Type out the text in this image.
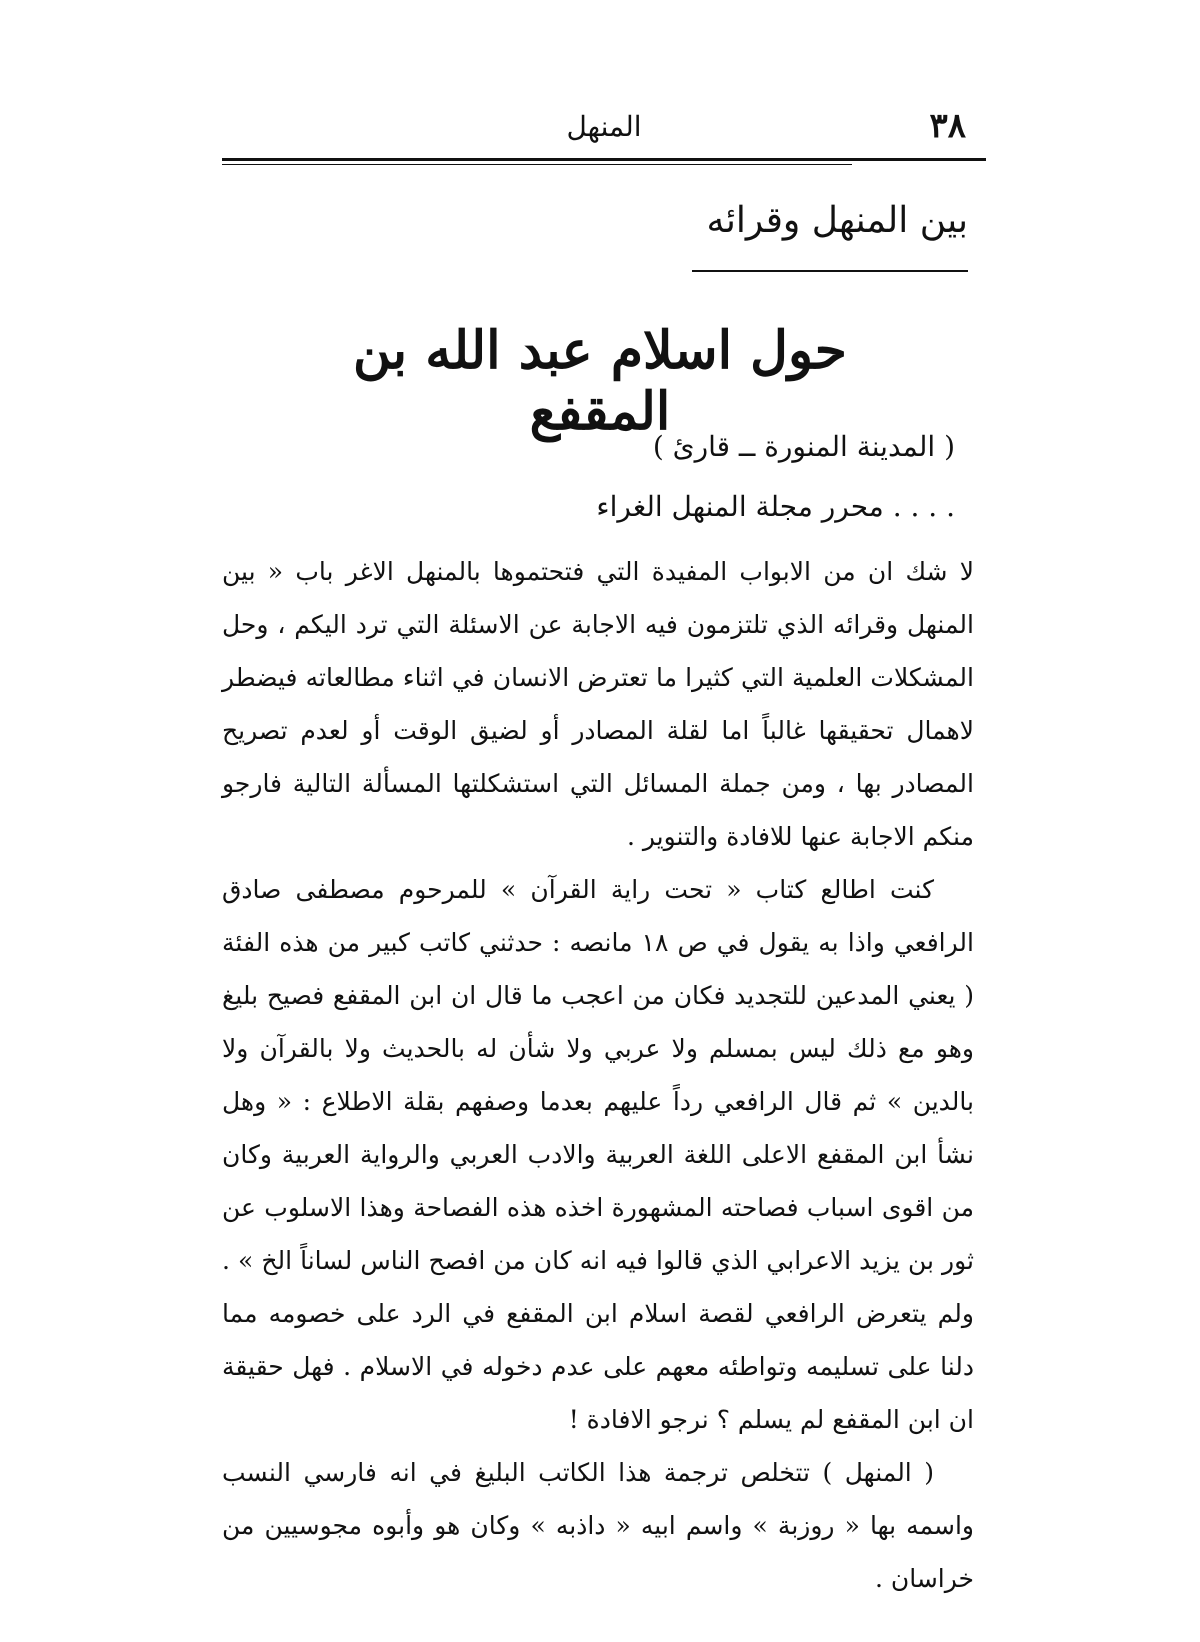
٣٨
المنهل
بين المنهل وقرائه
حول اسلام عبد الله بن المقفع
( المدينة المنورة ــ قارئ )
. . . . محرر مجلة المنهل الغراء

لا شك ان من الابواب المفيدة التي فتحتموها بالمنهل الاغر باب « بين المنهل وقرائه الذي تلتزمون فيه الاجابة عن الاسئلة التي ترد اليكم ، وحل المشكلات العلمية التي كثيرا ما تعترض الانسان في اثناء مطالعاته فيضطر لاهمال تحقيقها غالباً اما لقلة المصادر أو لضيق الوقت أو لعدم تصريح المصادر بها ، ومن جملة المسائل التي استشكلتها المسألة التالية فارجو منكم الاجابة عنها للافادة والتنوير .

كنت اطالع كتاب « تحت راية القرآن » للمرحوم مصطفى صادق الرافعي واذا به يقول في ص ١٨ مانصه : حدثني كاتب كبير من هذه الفئة ( يعني المدعين للتجديد فكان من اعجب ما قال ان ابن المقفع فصيح بليغ وهو مع ذلك ليس بمسلم ولا عربي ولا شأن له بالحديث ولا بالقرآن ولا بالدين » ثم قال الرافعي رداً عليهم بعدما وصفهم بقلة الاطلاع : « وهل نشأ ابن المقفع الاعلى اللغة العربية والادب العربي والرواية العربية وكان من اقوى اسباب فصاحته المشهورة اخذه هذه الفصاحة وهذا الاسلوب عن ثور بن يزيد الاعرابي الذي قالوا فيه انه كان من افصح الناس لساناً الخ » . ولم يتعرض الرافعي لقصة اسلام ابن المقفع في الرد على خصومه مما دلنا على تسليمه وتواطئه معهم على عدم دخوله في الاسلام . فهل حقيقة ان ابن المقفع لم يسلم ؟ نرجو الافادة !

( المنهل ) تتخلص ترجمة هذا الكاتب البليغ في انه فارسي النسب واسمه بها « روزبة » واسم ابيه « داذبه » وكان هو وأبوه مجوسيين من خراسان .
